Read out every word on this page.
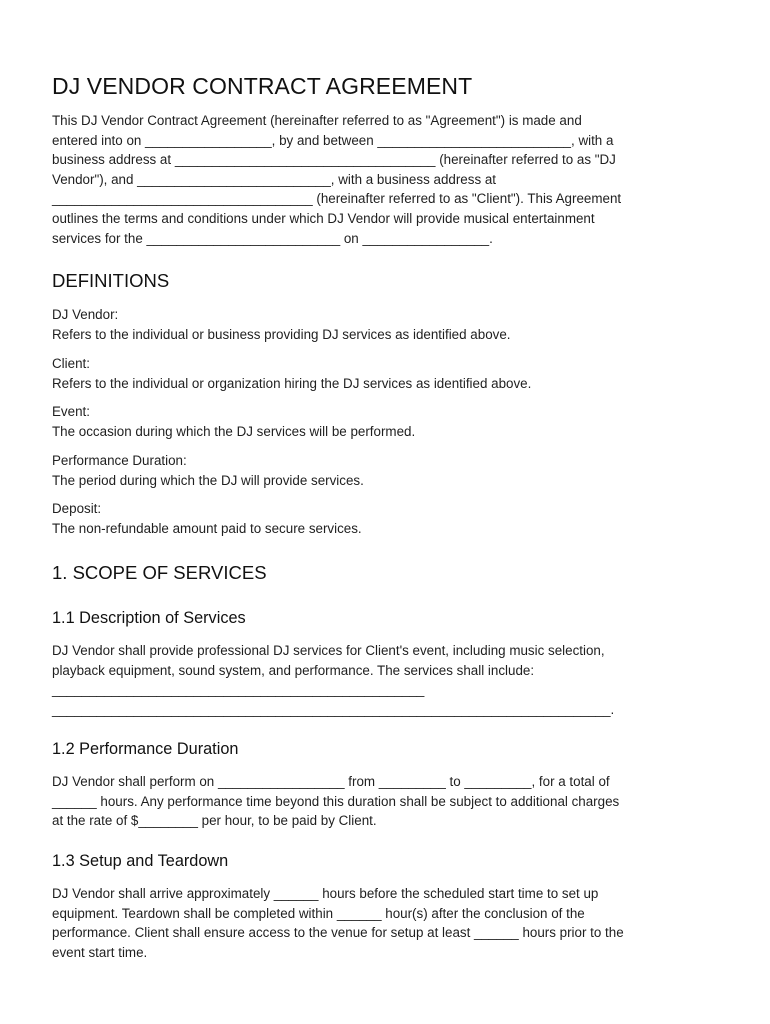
DJ VENDOR CONTRACT AGREEMENT
This DJ Vendor Contract Agreement (hereinafter referred to as "Agreement") is made and
entered into on _________________, by and between __________________________, with a
business address at ___________________________________ (hereinafter referred to as "DJ
Vendor"), and __________________________, with a business address at
___________________________________ (hereinafter referred to as "Client"). This Agreement
outlines the terms and conditions under which DJ Vendor will provide musical entertainment
services for the __________________________ on _________________.
DEFINITIONS
DJ Vendor:
Refers to the individual or business providing DJ services as identified above.
Client:
Refers to the individual or organization hiring the DJ services as identified above.
Event:
The occasion during which the DJ services will be performed.
Performance Duration:
The period during which the DJ will provide services.
Deposit:
The non-refundable amount paid to secure services.
1. SCOPE OF SERVICES
1.1 Description of Services
DJ Vendor shall provide professional DJ services for Client's event, including music selection,
playback equipment, sound system, and performance. The services shall include:
__________________________________________________
___________________________________________________________________________.
1.2 Performance Duration
DJ Vendor shall perform on _________________ from _________ to _________, for a total of
______ hours. Any performance time beyond this duration shall be subject to additional charges
at the rate of $________ per hour, to be paid by Client.
1.3 Setup and Teardown
DJ Vendor shall arrive approximately ______ hours before the scheduled start time to set up
equipment. Teardown shall be completed within ______ hour(s) after the conclusion of the
performance. Client shall ensure access to the venue for setup at least ______ hours prior to the
event start time.
